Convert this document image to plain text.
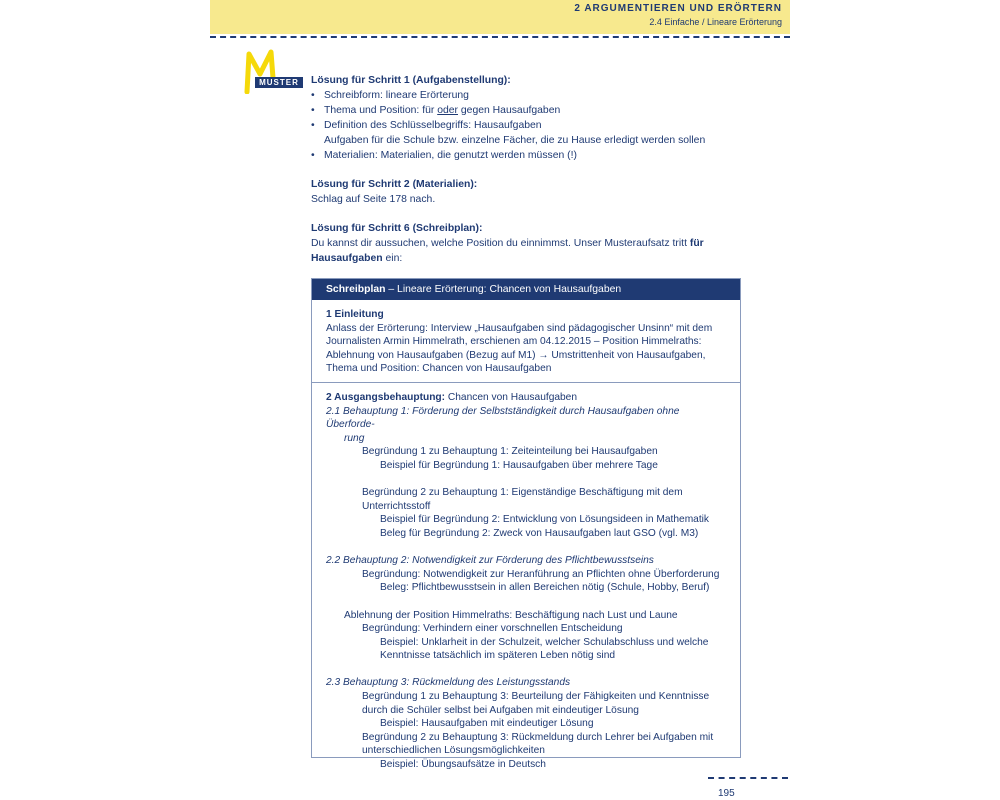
2 ARGUMENTIEREN UND ERÖRTERN
2.4 Einfache / Lineare Erörterung
MUSTER	Lösung für Schritt 1 (Aufgabenstellung):
• Schreibform: lineare Erörterung
• Thema und Position: für oder gegen Hausaufgaben
• Definition des Schlüsselbegriffs: Hausaufgaben
Aufgaben für die Schule bzw. einzelne Fächer, die zu Hause erledigt werden sollen
• Materialien: Materialien, die genutzt werden müssen (!)
Lösung für Schritt 2 (Materialien):
Schlag auf Seite 178 nach.
Lösung für Schritt 6 (Schreibplan):
Du kannst dir aussuchen, welche Position du einnimmst. Unser Musteraufsatz tritt für Hausaufgaben ein:
Schreibplan – Lineare Erörterung: Chancen von Hausaufgaben
1 Einleitung
Anlass der Erörterung: Interview „Hausaufgaben sind pädagogischer Unsinn“ mit dem
Journalisten Armin Himmelrath, erschienen am 04.12.2015 – Position Himmelraths:
Ablehnung von Hausaufgaben (Bezug auf M1) → Umstrittenheit von Hausaufgaben,
Thema und Position: Chancen von Hausaufgaben
2 Ausgangsbehauptung: Chancen von Hausaufgaben
2.1 Behauptung 1: Förderung der Selbstständigkeit durch Hausaufgaben ohne Überforde-
rung
Begründung 1 zu Behauptung 1: Zeiteinteilung bei Hausaufgaben
Beispiel für Begründung 1: Hausaufgaben über mehrere Tage
Begründung 2 zu Behauptung 1: Eigenständige Beschäftigung mit dem
Unterrichtsstoff
Beispiel für Begründung 2: Entwicklung von Lösungsideen in Mathematik
Beleg für Begründung 2: Zweck von Hausaufgaben laut GSO (vgl. M3)
2.2 Behauptung 2: Notwendigkeit zur Förderung des Pflichtbewusstseins
Begründung: Notwendigkeit zur Heranführung an Pflichten ohne Überforderung
Beleg: Pflichtbewusstsein in allen Bereichen nötig (Schule, Hobby, Beruf)
Ablehnung der Position Himmelraths: Beschäftigung nach Lust und Laune
Begründung: Verhindern einer vorschnellen Entscheidung
Beispiel: Unklarheit in der Schulzeit, welcher Schulabschluss und welche
Kenntnisse tatsächlich im späteren Leben nötig sind
2.3 Behauptung 3: Rückmeldung des Leistungsstands
Begründung 1 zu Behauptung 3: Beurteilung der Fähigkeiten und Kenntnisse
durch die Schüler selbst bei Aufgaben mit eindeutiger Lösung
Beispiel: Hausaufgaben mit eindeutiger Lösung
Begründung 2 zu Behauptung 3: Rückmeldung durch Lehrer bei Aufgaben mit
unterschiedlichen Lösungsmöglichkeiten
Beispiel: Übungsaufsätze in Deutsch
195
